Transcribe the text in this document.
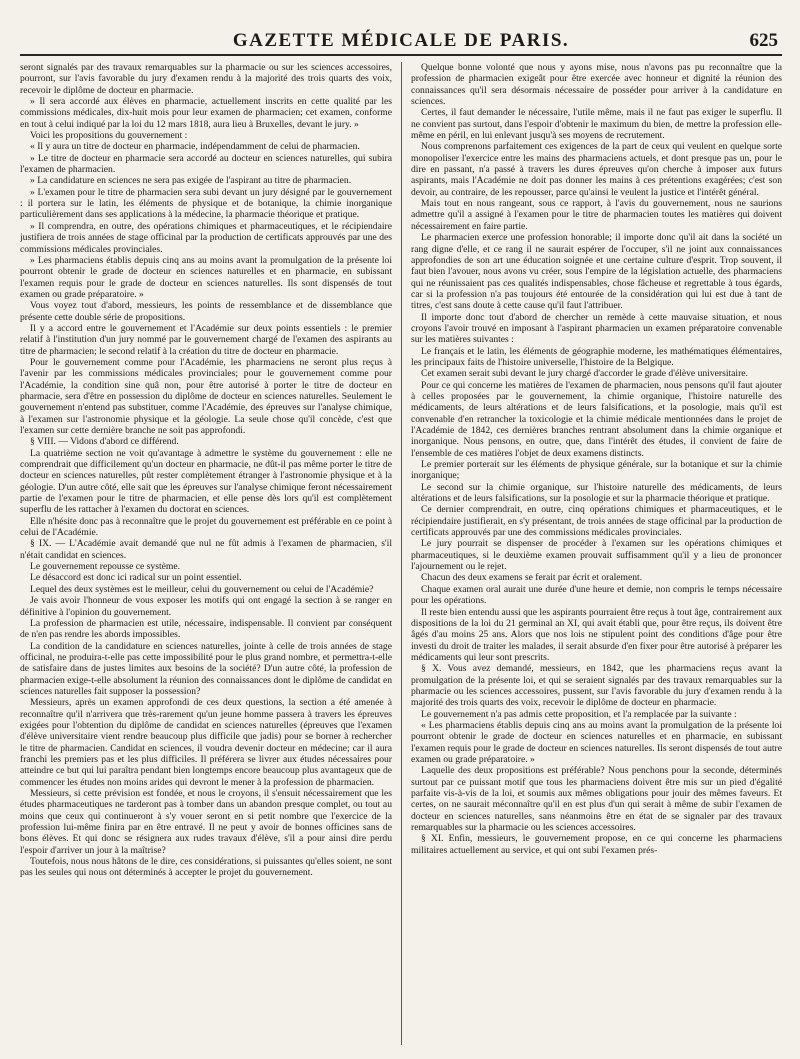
GAZETTE MÉDICALE DE PARIS.	625

seront signalés par des travaux remarquables sur la pharmacie ou sur les sciences accessoires, pourront, sur l'avis favorable du jury d'examen rendu à la majorité des trois quarts des voix, recevoir le diplôme de docteur en pharmacie.

» Il sera accordé aux élèves en pharmacie, actuellement inscrits en cette qualité par les commissions médicales, dix-huit mois pour leur examen de pharmacien; cet examen, conforme en tout à celui indiqué par la loi du 12 mars 1818, aura lieu à Bruxelles, devant le jury. »

Voici les propositions du gouvernement :

« Il y aura un titre de docteur en pharmacie, indépendamment de celui de pharmacien.

» Le titre de docteur en pharmacie sera accordé au docteur en sciences naturelles, qui subira l'examen de pharmacien.

» La candidature en sciences ne sera pas exigée de l'aspirant au titre de pharmacien.

» L'examen pour le titre de pharmacien sera subi devant un jury désigné par le gouvernement : il portera sur le latin, les éléments de physique et de botanique, la chimie inorganique particulièrement dans ses applications à la médecine, la pharmacie théorique et pratique.

» Il comprendra, en outre, des opérations chimiques et pharmaceutiques, et le récipiendaire justifiera de trois années de stage officinal par la production de certificats approuvés par une des commissions médicales provinciales.

» Les pharmaciens établis depuis cinq ans au moins avant la promulgation de la présente loi pourront obtenir le grade de docteur en sciences naturelles et en pharmacie, en subissant l'examen requis pour le grade de docteur en sciences naturelles. Ils sont dispensés de tout examen ou grade préparatoire. »

Vous voyez tout d'abord, messieurs, les points de ressemblance et de dissemblance que présente cette double série de propositions.

Il y a accord entre le gouvernement et l'Académie sur deux points essentiels : le premier relatif à l'institution d'un jury nommé par le gouvernement chargé de l'examen des aspirants au titre de pharmacien; le second relatif à la création du titre de docteur en pharmacie.

Pour le gouvernement comme pour l'Académie, les pharmaciens ne seront plus reçus à l'avenir par les commissions médicales provinciales; pour le gouvernement comme pour l'Académie, la condition sine quâ non, pour être autorisé à porter le titre de docteur en pharmacie, sera d'être en possession du diplôme de docteur en sciences naturelles. Seulement le gouvernement n'entend pas substituer, comme l'Académie, des épreuves sur l'analyse chimique, à l'examen sur l'astronomie physique et la géologie. La seule chose qu'il concède, c'est que l'examen sur cette dernière branche ne soit pas approfondi.

§ VIII. — Vidons d'abord ce différend.

La quatrième section ne voit qu'avantage à admettre le système du gouvernement : elle ne comprendrait que difficilement qu'un docteur en pharmacie, ne dût-il pas même porter le titre de docteur en sciences naturelles, pût rester complètement étranger à l'astronomie physique et à la géologie. D'un autre côté, elle sait que les épreuves sur l'analyse chimique feront nécessairement partie de l'examen pour le titre de pharmacien, et elle pense dès lors qu'il est complètement superflu de les rattacher à l'examen du doctorat en sciences.

Elle n'hésite donc pas à reconnaître que le projet du gouvernement est préférable en ce point à celui de l'Académie.

§ IX. — L'Académie avait demandé que nul ne fût admis à l'examen de pharmacien, s'il n'était candidat en sciences.

Le gouvernement repousse ce système.

Le désaccord est donc ici radical sur un point essentiel.

Lequel des deux systèmes est le meilleur, celui du gouvernement ou celui de l'Académie?

Je vais avoir l'honneur de vous exposer les motifs qui ont engagé la section à se ranger en définitive à l'opinion du gouvernement.

La profession de pharmacien est utile, nécessaire, indispensable. Il convient par conséquent de n'en pas rendre les abords impossibles.

La condition de la candidature en sciences naturelles, jointe à celle de trois années de stage officinal, ne produira-t-elle pas cette impossibilité pour le plus grand nombre, et permettra-t-elle de satisfaire dans de justes limites aux besoins de la société? D'un autre côté, la profession de pharmacien exige-t-elle absolument la réunion des connaissances dont le diplôme de candidat en sciences naturelles fait supposer la possession?

Messieurs, après un examen approfondi de ces deux questions, la section a été amenée à reconnaître qu'il n'arrivera que très-rarement qu'un jeune homme passera à travers les épreuves exigées pour l'obtention du diplôme de candidat en sciences naturelles (épreuves que l'examen d'élève universitaire vient rendre beaucoup plus difficile que jadis) pour se borner à rechercher le titre de pharmacien. Candidat en sciences, il voudra devenir docteur en médecine; car il aura franchi les premiers pas et les plus difficiles. Il préférera se livrer aux études nécessaires pour atteindre ce but qui lui paraîtra pendant bien longtemps encore beaucoup plus avantageux que de commencer les études non moins arides qui devront le mener à la profession de pharmacien.

Messieurs, si cette prévision est fondée, et nous le croyons, il s'ensuit nécessairement que les études pharmaceutiques ne tarderont pas à tomber dans un abandon presque complet, ou tout au moins que ceux qui continueront à s'y vouer seront en si petit nombre que l'exercice de la profession lui-même finira par en être entravé. Il ne peut y avoir de bonnes officines sans de bons élèves. Et qui donc se résignera aux rudes travaux d'élève, s'il a pour ainsi dire perdu l'espoir d'arriver un jour à la maîtrise?

Toutefois, nous nous hâtons de le dire, ces considérations, si puissantes qu'elles soient, ne sont pas les seules qui nous ont déterminés à accepter le projet du gouvernement.

Quelque bonne volonté que nous y ayons mise, nous n'avons pas pu reconnaître que la profession de pharmacien exigeât pour être exercée avec honneur et dignité la réunion des connaissances qu'il sera désormais nécessaire de posséder pour arriver à la candidature en sciences.

Certes, il faut demander le nécessaire, l'utile même, mais il ne faut pas exiger le superflu. Il ne convient pas surtout, dans l'espoir d'obtenir le maximum du bien, de mettre la profession elle-même en péril, en lui enlevant jusqu'à ses moyens de recrutement.

Nous comprenons parfaitement ces exigences de la part de ceux qui veulent en quelque sorte monopoliser l'exercice entre les mains des pharmaciens actuels, et dont presque pas un, pour le dire en passant, n'a passé à travers les dures épreuves qu'on cherche à imposer aux futurs aspirants, mais l'Académie ne doit pas donner les mains à ces prétentions exagérées; c'est son devoir, au contraire, de les repousser, parce qu'ainsi le veulent la justice et l'intérêt général.

Mais tout en nous rangeant, sous ce rapport, à l'avis du gouvernement, nous ne saurions admettre qu'il a assigné à l'examen pour le titre de pharmacien toutes les matières qui doivent nécessairement en faire partie.

Le pharmacien exerce une profession honorable; il importe donc qu'il ait dans la société un rang digne d'elle, et ce rang il ne saurait espérer de l'occuper, s'il ne joint aux connaissances approfondies de son art une éducation soignée et une certaine culture d'esprit. Trop souvent, il faut bien l'avouer, nous avons vu créer, sous l'empire de la législation actuelle, des pharmaciens qui ne réunissaient pas ces qualités indispensables, chose fâcheuse et regrettable à tous égards, car si la profession n'a pas toujours été entourée de la considération qui lui est due à tant de titres, c'est sans doute à cette cause qu'il faut l'attribuer.

Il importe donc tout d'abord de chercher un remède à cette mauvaise situation, et nous croyons l'avoir trouvé en imposant à l'aspirant pharmacien un examen préparatoire convenable sur les matières suivantes :

Le français et le latin, les éléments de géographie moderne, les mathématiques élémentaires, les principaux faits de l'histoire universelle, l'histoire de la Belgique.

Cet examen serait subi devant le jury chargé d'accorder le grade d'élève universitaire.

Pour ce qui concerne les matières de l'examen de pharmacien, nous pensons qu'il faut ajouter à celles proposées par le gouvernement, la chimie organique, l'histoire naturelle des médicaments, de leurs altérations et de leurs falsifications, et la posologie, mais qu'il est convenable d'en retrancher la toxicologie et la chimie médicale mentionnées dans le projet de l'Académie de 1842, ces dernières branches rentrant absolument dans la chimie organique et inorganique. Nous pensons, en outre, que, dans l'intérêt des études, il convient de faire de l'ensemble de ces matières l'objet de deux examens distincts.

Le premier porterait sur les éléments de physique générale, sur la botanique et sur la chimie inorganique;

Le second sur la chimie organique, sur l'histoire naturelle des médicaments, de leurs altérations et de leurs falsifications, sur la posologie et sur la pharmacie théorique et pratique.

Ce dernier comprendrait, en outre, cinq opérations chimiques et pharmaceutiques, et le récipiendaire justifierait, en s'y présentant, de trois années de stage officinal par la production de certificats approuvés par une des commissions médicales provinciales.

Le jury pourrait se dispenser de procéder à l'examen sur les opérations chimiques et pharmaceutiques, si le deuxième examen prouvait suffisamment qu'il y a lieu de prononcer l'ajournement ou le rejet.

Chacun des deux examens se ferait par écrit et oralement.

Chaque examen oral aurait une durée d'une heure et demie, non compris le temps nécessaire pour les opérations.

Il reste bien entendu aussi que les aspirants pourraient être reçus à tout âge, contrairement aux dispositions de la loi du 21 germinal an XI, qui avait établi que, pour être reçus, ils doivent être âgés d'au moins 25 ans. Alors que nos lois ne stipulent point des conditions d'âge pour être investi du droit de traiter les malades, il serait absurde d'en fixer pour être autorisé à préparer les médicaments qui leur sont prescrits.

§ X. Vous avez demandé, messieurs, en 1842, que les pharmaciens reçus avant la promulgation de la présente loi, et qui se seraient signalés par des travaux remarquables sur la pharmacie ou les sciences accessoires, pussent, sur l'avis favorable du jury d'examen rendu à la majorité des trois quarts des voix, recevoir le diplôme de docteur en pharmacie.

Le gouvernement n'a pas admis cette proposition, et l'a remplacée par la suivante :

« Les pharmaciens établis depuis cinq ans au moins avant la promulgation de la présente loi pourront obtenir le grade de docteur en sciences naturelles et en pharmacie, en subissant l'examen requis pour le grade de docteur en sciences naturelles. Ils seront dispensés de tout autre examen ou grade préparatoire. »

Laquelle des deux propositions est préférable? Nous penchons pour la seconde, déterminés surtout par ce puissant motif que tous les pharmaciens doivent être mis sur un pied d'égalité parfaite vis-à-vis de la loi, et soumis aux mêmes obligations pour jouir des mêmes faveurs. Et certes, on ne saurait méconnaître qu'il en est plus d'un qui serait à même de subir l'examen de docteur en sciences naturelles, sans néanmoins être en état de se signaler par des travaux remarquables sur la pharmacie ou les sciences accessoires.

§ XI. Enfin, messieurs, le gouvernement propose, en ce qui concerne les pharmaciens militaires actuellement au service, et qui ont subi l'examen prés-
